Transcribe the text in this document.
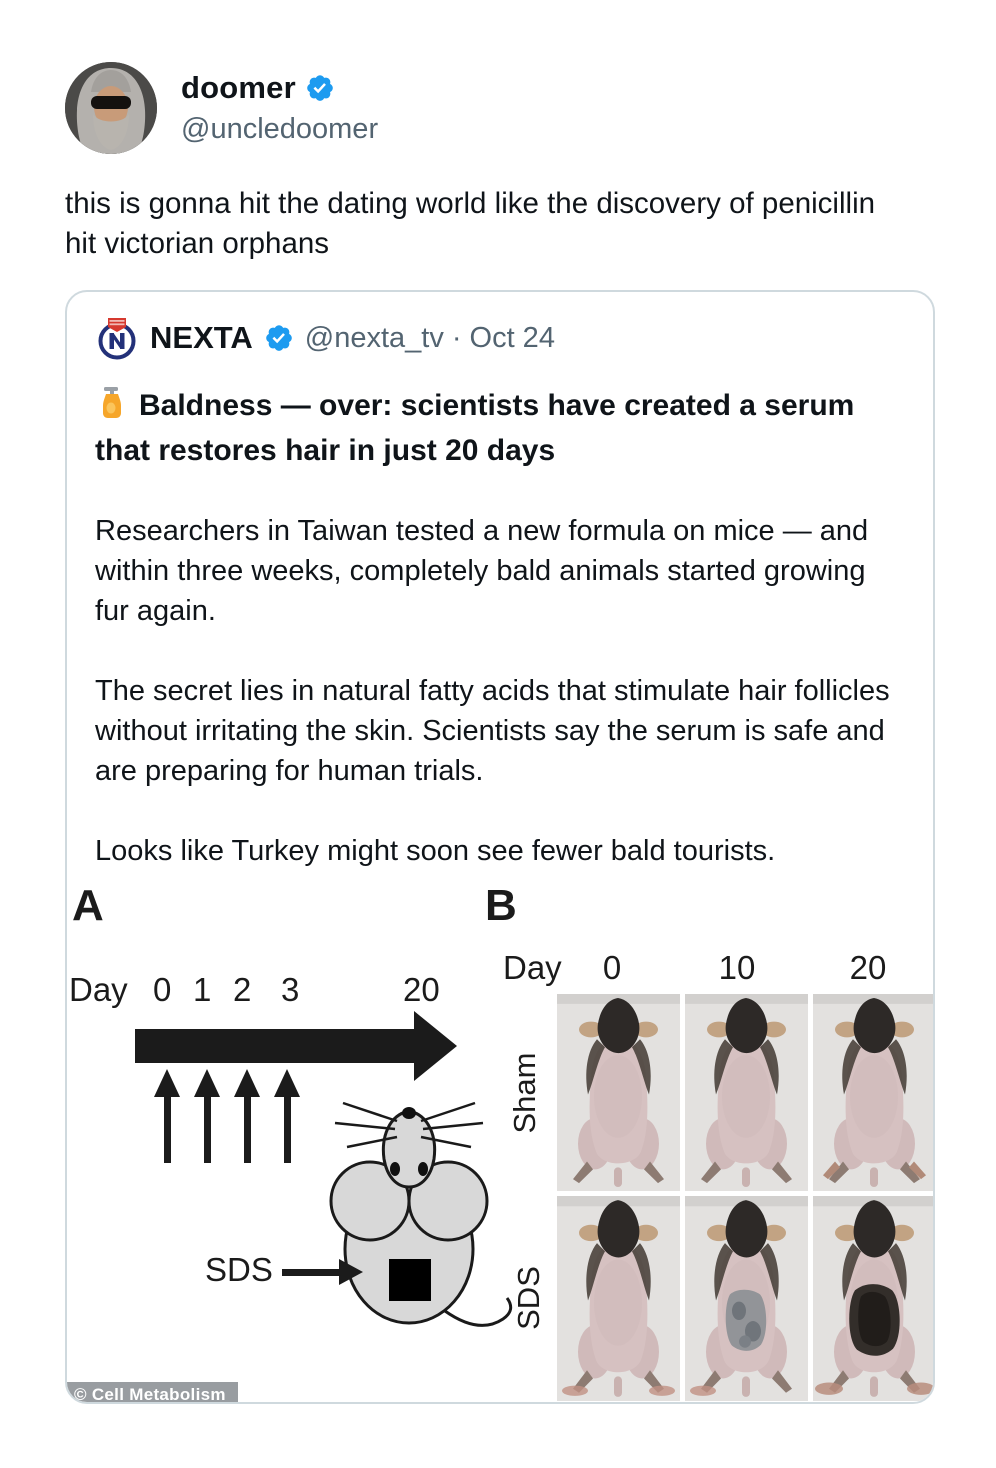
doomer
@uncledoomer
this is gonna hit the dating world like the discovery of penicillin hit victorian orphans
NEXTA @nexta_tv · Oct 24
Baldness — over: scientists have created a serum that restores hair in just 20 days

Researchers in Taiwan tested a new formula on mice — and within three weeks, completely bald animals started growing fur again.

The secret lies in natural fatty acids that stimulate hair follicles without irritating the skin. Scientists say the serum is safe and are preparing for human trials.

Looks like Turkey might soon see fewer bald tourists.

A
Day 0 1 2 3	20
SDS
B
Day	0	10	20
Sham
SDS
© Cell Metabolism
